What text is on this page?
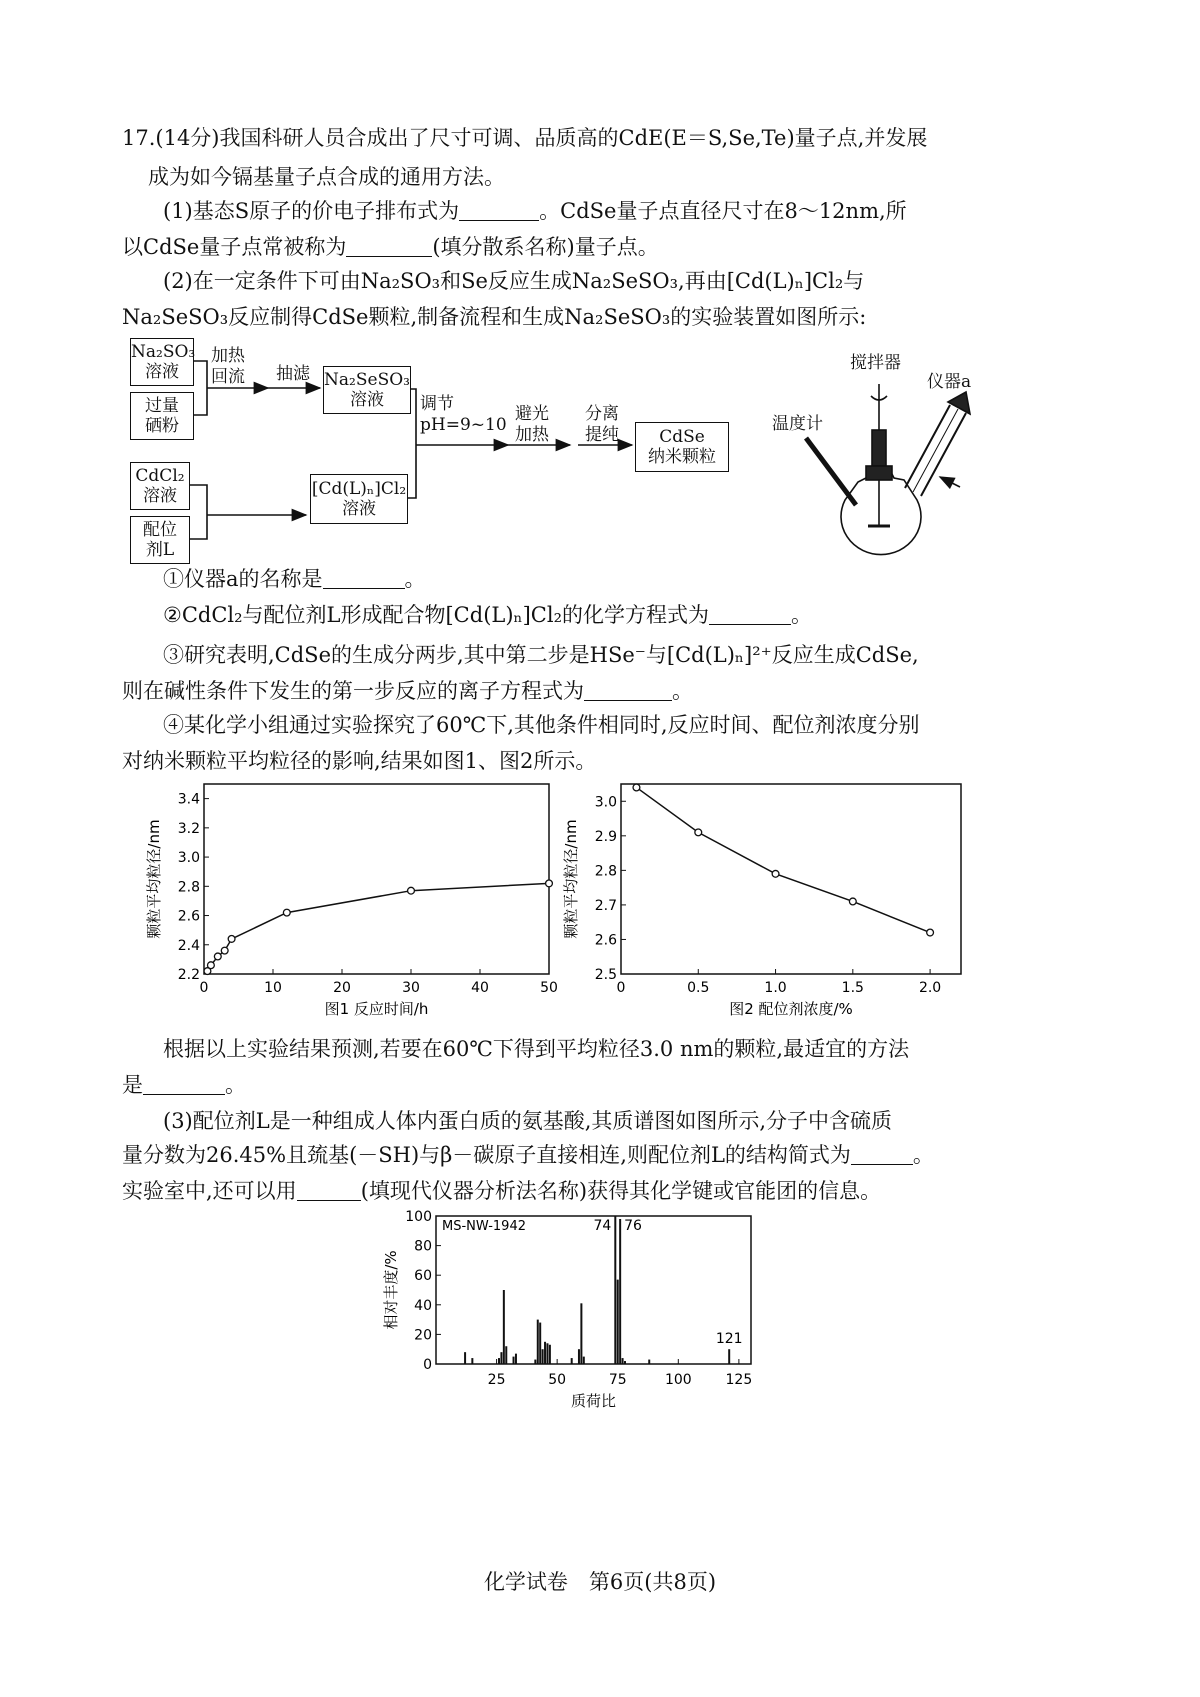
17.(14分)我国科研人员合成出了尺寸可调、品质高的CdE(E＝S,Se,Te)量子点,并发展
成为如今镉基量子点合成的通用方法。
(1)基态S原子的价电子排布式为	。CdSe量子点直径尺寸在8～12nm,所
以CdSe量子点常被称为	(填分散系名称)量子点。
(2)在一定条件下可由Na₂SO₃和Se反应生成Na₂SeSO₃,再由[Cd(L)ₙ]Cl₂与
Na₂SeSO₃反应制得CdSe颗粒,制备流程和生成Na₂SeSO₃的实验装置如图所示:
Na₂SO₃
溶液
过量
硒粉
加热
回流 抽滤 Na₂SeSO₃
溶液
CdCl₂
溶液
配位
剂L
[Cd(L)ₙ]Cl₂
溶液
调节
pH=9~10
避光
加热
分离
提纯	CdSe
纳米颗粒
搅拌器
仪器a
温度计
①仪器a的名称是	。
②CdCl₂与配位剂L形成配合物[Cd(L)ₙ]Cl₂的化学方程式为	。
③研究表明,CdSe的生成分两步,其中第二步是HSe⁻与[Cd(L)ₙ]²⁺反应生成CdSe,
则在碱性条件下发生的第一步反应的离子方程式为	。
④某化学小组通过实验探究了60℃下,其他条件相同时,反应时间、配位剂浓度分别
对纳米颗粒平均粒径的影响,结果如图1、图2所示。
2.2
2.4
2.6
2.8
3.0
3.2
3.4
0	10	20	30	40	50
图1 反应时间/h
颗粒平均粒径/nm
2.5
2.6
2.7
2.8
2.9
3.0
0	0.5	1.0	1.5	2.0
图2 配位剂浓度/%
颗粒平均粒径/nm
根据以上实验结果预测,若要在60℃下得到平均粒径3.0 nm的颗粒,最适宜的方法
是	。
(3)配位剂L是一种组成人体内蛋白质的氨基酸,其质谱图如图所示,分子中含硫质
量分数为26.45%且巯基(－SH)与β－碳原子直接相连,则配位剂L的结构简式为	。
实验室中,还可以用	(填现代仪器分析法名称)获得其化学键或官能团的信息。
0
20
40
60
80
100
25	50	75	100 125
MS-NW-1942	74 76
121
质荷比
相对丰度/%
化学试卷　第6页(共8页)
